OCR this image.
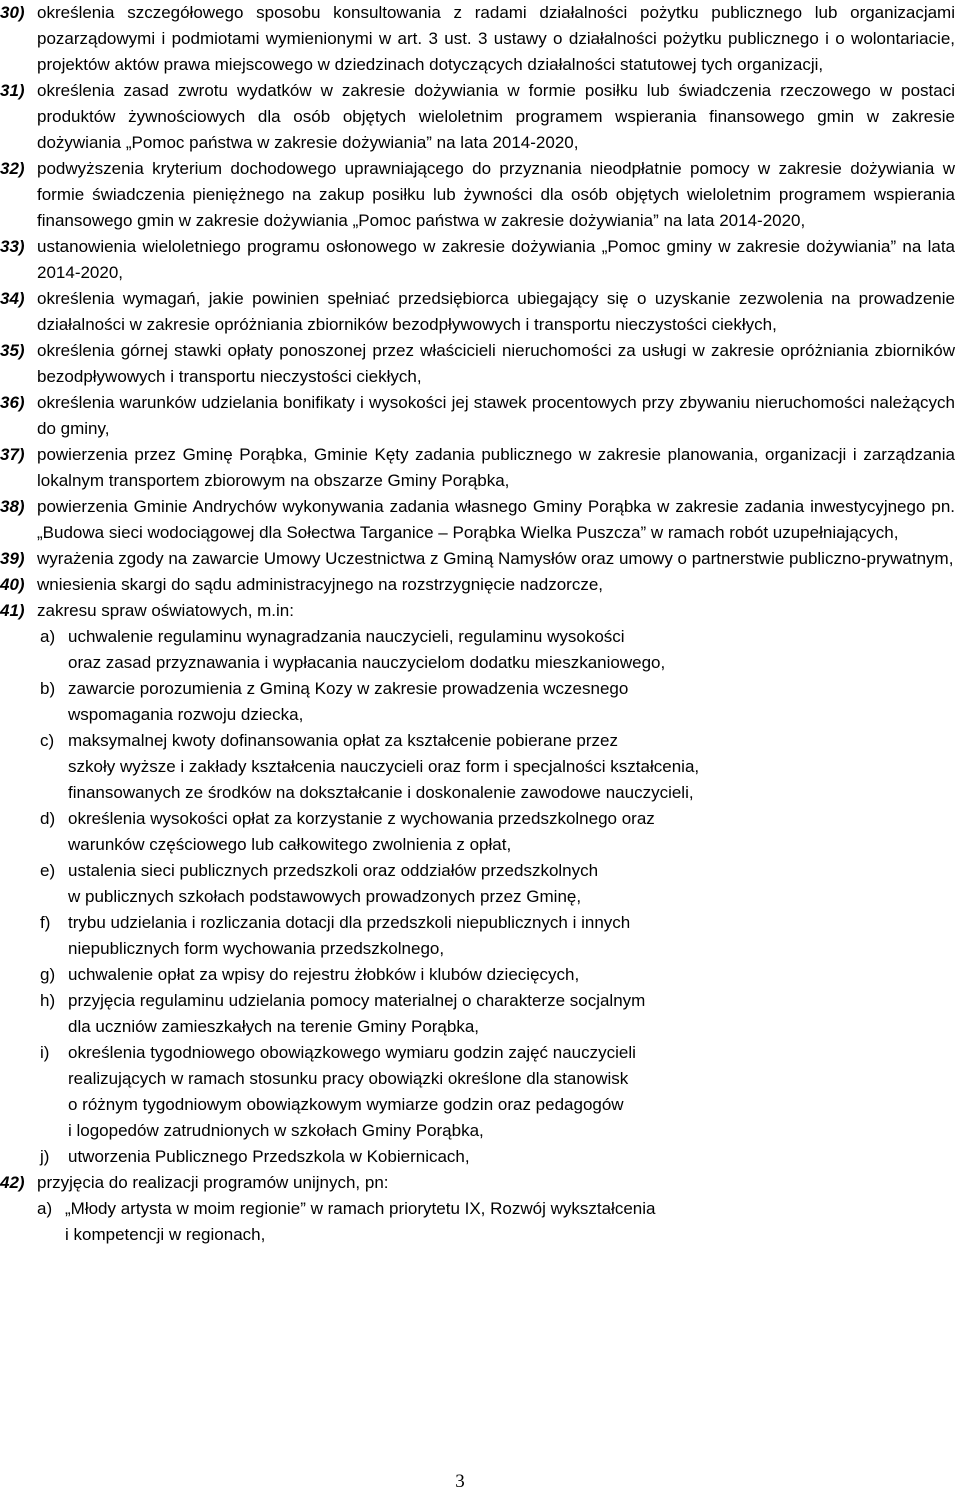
30) określenia szczegółowego sposobu konsultowania z radami działalności pożytku publicznego lub organizacjami pozarządowymi i podmiotami wymienionymi w art. 3 ust. 3 ustawy o działalności pożytku publicznego i o wolontariacie, projektów aktów prawa miejscowego w dziedzinach dotyczących działalności statutowej tych organizacji,
31) określenia zasad zwrotu wydatków w zakresie dożywiania w formie posiłku lub świadczenia rzeczowego w postaci produktów żywnościowych dla osób objętych wieloletnim programem wspierania finansowego gmin w zakresie dożywiania „Pomoc państwa w zakresie dożywiania” na lata 2014-2020,
32) podwyższenia kryterium dochodowego uprawniającego do przyznania nieodpłatnie pomocy w zakresie dożywiania w formie świadczenia pieniężnego na zakup posiłku lub żywności dla osób objętych wieloletnim programem wspierania finansowego gmin w zakresie dożywiania „Pomoc państwa w zakresie dożywiania” na lata 2014-2020,
33) ustanowienia wieloletniego programu osłonowego w zakresie dożywiania „Pomoc gminy w zakresie dożywiania” na lata 2014-2020,
34) określenia wymagań, jakie powinien spełniać przedsiębiorca ubiegający się o uzyskanie zezwolenia na prowadzenie działalności w zakresie opróżniania zbiorników bezodpływowych i transportu nieczystości ciekłych,
35) określenia górnej stawki opłaty ponoszonej przez właścicieli nieruchomości za usługi w zakresie opróżniania zbiorników bezodpływowych i transportu nieczystości ciekłych,
36) określenia warunków udzielania bonifikaty i wysokości jej stawek procentowych przy zbywaniu nieruchomości należących do gminy,
37) powierzenia przez Gminę Porąbka, Gminie Kęty zadania publicznego w zakresie planowania, organizacji i zarządzania lokalnym transportem zbiorowym na obszarze Gminy Porąbka,
38) powierzenia Gminie Andrychów wykonywania zadania własnego Gminy Porąbka w zakresie zadania inwestycyjnego pn. „Budowa sieci wodociągowej dla Sołectwa Targanice – Porąbka Wielka Puszcza” w ramach robót uzupełniających,
39) wyrażenia zgody na zawarcie Umowy Uczestnictwa z Gminą Namysłów oraz umowy o partnerstwie publiczno-prywatnym,
40) wniesienia skargi do sądu administracyjnego na rozstrzygnięcie nadzorcze,
41) zakresu spraw oświatowych, m.in:
a) uchwalenie regulaminu wynagradzania nauczycieli, regulaminu wysokości
oraz zasad przyznawania i wypłacania nauczycielom dodatku mieszkaniowego,
b) zawarcie porozumienia z Gminą Kozy w zakresie prowadzenia wczesnego
wspomagania rozwoju dziecka,
c) maksymalnej kwoty dofinansowania opłat za kształcenie pobierane przez
szkoły wyższe i zakłady kształcenia nauczycieli oraz form i specjalności kształcenia,
finansowanych ze środków na dokształcanie i doskonalenie zawodowe nauczycieli,
d) określenia wysokości opłat za korzystanie z wychowania przedszkolnego oraz
warunków częściowego lub całkowitego zwolnienia z opłat,
e) ustalenia sieci publicznych przedszkoli oraz oddziałów przedszkolnych
w publicznych szkołach podstawowych prowadzonych przez Gminę,
f)	trybu udzielania i rozliczania dotacji dla przedszkoli niepublicznych i innych
niepublicznych form wychowania przedszkolnego,
g) uchwalenie opłat za wpisy do rejestru żłobków i klubów dziecięcych,
h) przyjęcia regulaminu udzielania pomocy materialnej o charakterze socjalnym
dla uczniów zamieszkałych na terenie Gminy Porąbka,
i)	określenia tygodniowego obowiązkowego wymiaru godzin zajęć nauczycieli
realizujących w ramach stosunku pracy obowiązki określone dla stanowisk
o różnym tygodniowym obowiązkowym wymiarze godzin oraz pedagogów
i logopedów zatrudnionych w szkołach Gminy Porąbka,
j)	utworzenia Publicznego Przedszkola w Kobiernicach,
42) przyjęcia do realizacji programów unijnych, pn:
a) „Młody artysta w moim regionie” w ramach priorytetu IX, Rozwój wykształcenia
i kompetencji w regionach,
3
